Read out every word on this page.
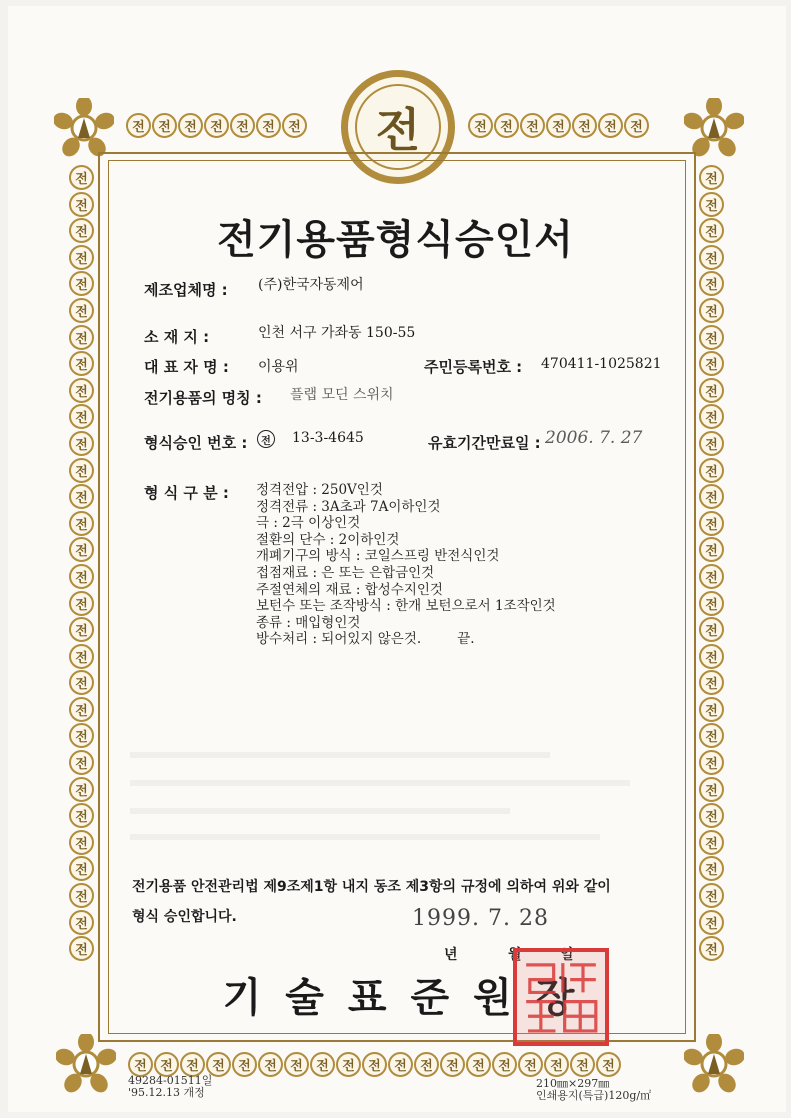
전	전	전	전	전	전	전	전	전	전	전	전	전	전
전	전	전	전	전	전	전	전	전	전	전	전	전	전	전	전	전	전	전
전
전
전
전
전
전
전
전
전
전
전
전
전
전
전
전
전
전
전
전
전
전
전
전
전
전
전
전
전
전
전
전
전
전
전
전
전
전
전
전
전
전
전
전
전
전
전
전
전
전
전
전
전
전
전
전
전
전
전
전
전
전기용품형식승인서
제조업체명 : (주)한국자동제어
소 재 지 :	인천 서구 가좌동 150-55
대 표 자 명 : 이용위	주민등록번호 : 470411-1025821
전기용품의 명칭 : 플랩 모딘 스위치
형식승인 번호 :	전 13-3-4645	유효기간만료일 : 2006. 7. 27
형 식 구 분 : 정격전압 : 250V인것
정격전류 : 3A초과 7A이하인것
극 : 2극 이상인것
절환의 단수 : 2이하인것
개폐기구의 방식 : 코일스프링 반전식인것
접점재료 : 은 또는 은합금인것
주절연체의 재료 : 합성수지인것
보턴수 또는 조작방식 : 한개 보턴으로서 1조작인것
종류 : 매입형인것
방수처리 : 되어있지 않은것.	끝.
전기용품 안전관리법 제9조제1항 내지 동조 제3항의 규정에 의하여 위와 같이
형식 승인합니다.	1999. 7. 28
년	월	일
기술표준원장
49284-01511일
'95.12.13 개정
210㎜×297㎜
인쇄용지(특급)120g/㎡
